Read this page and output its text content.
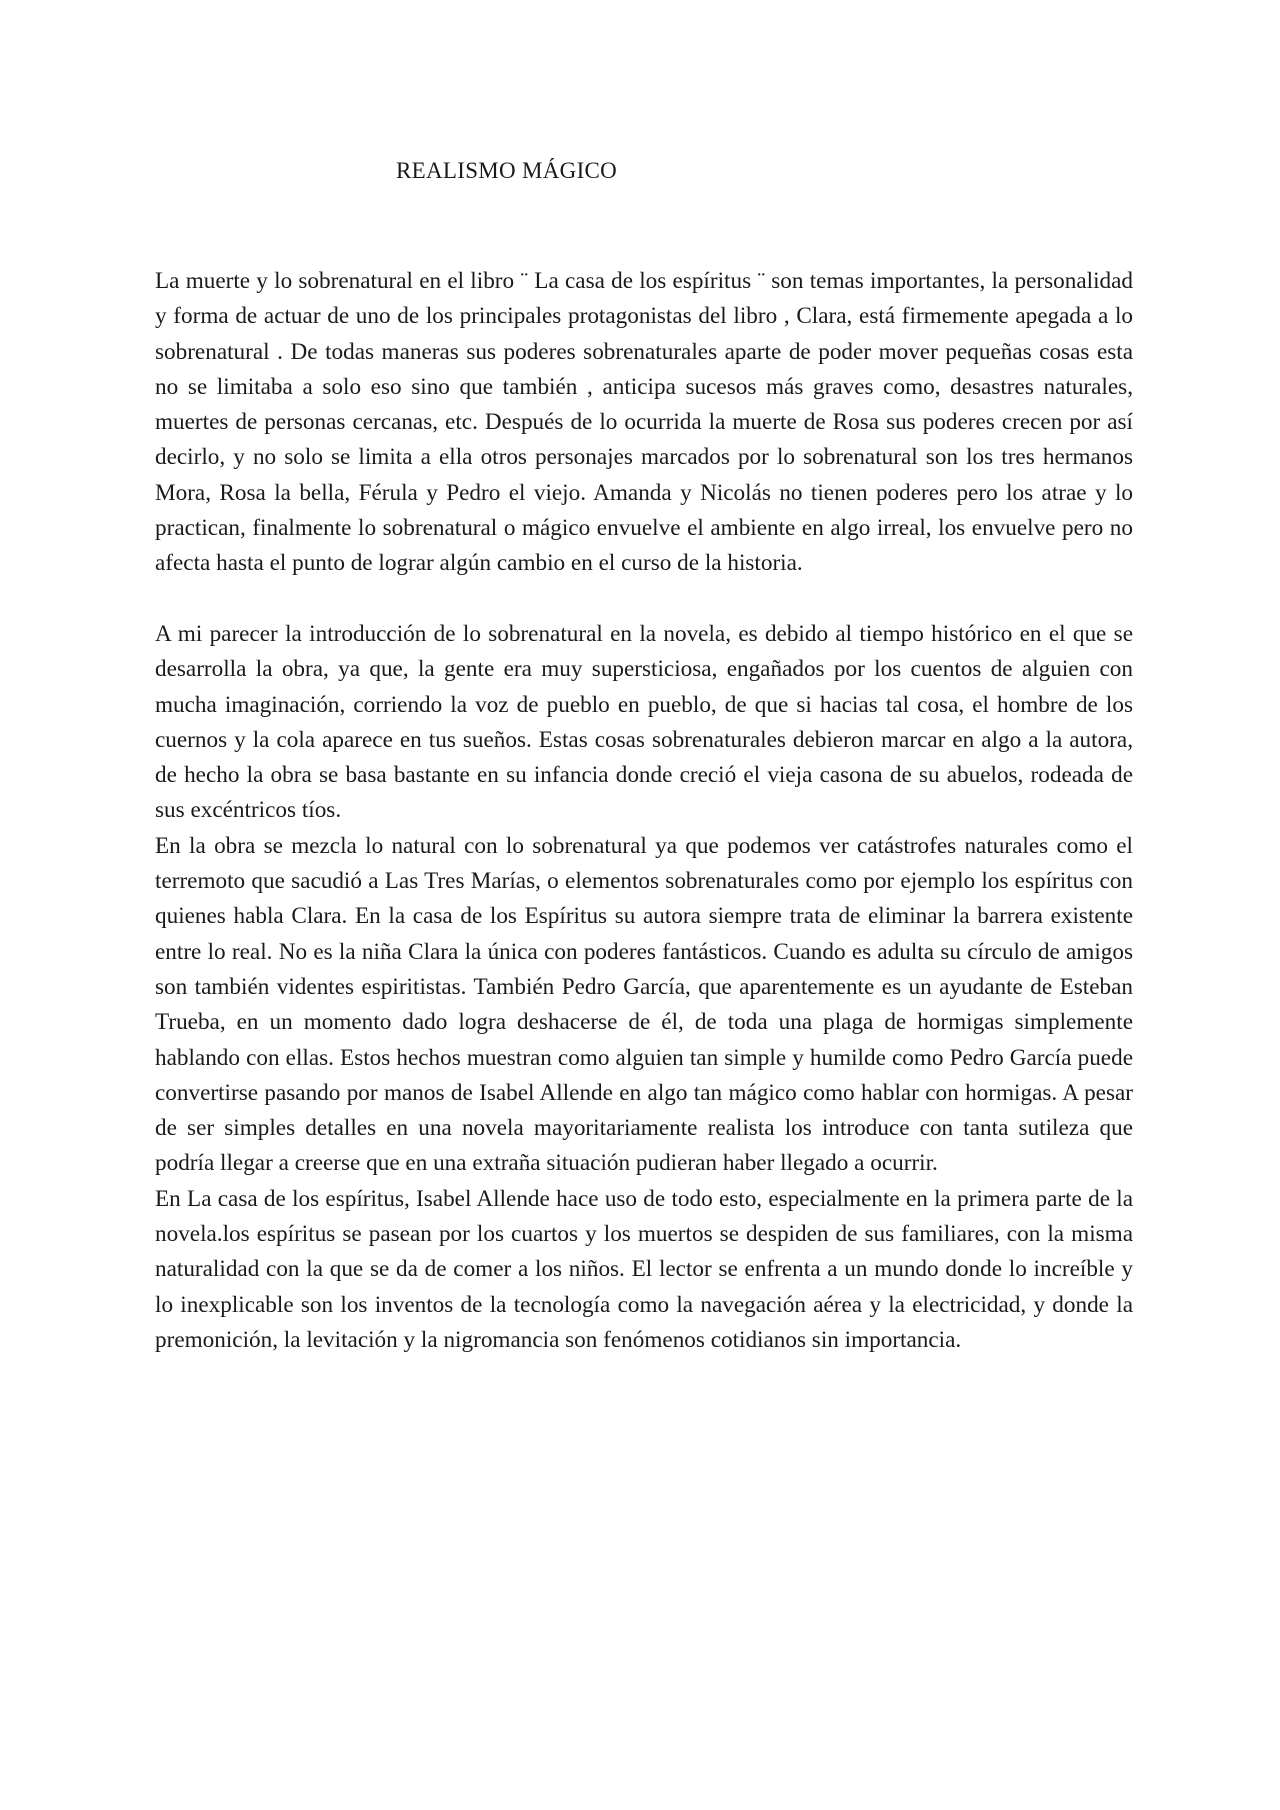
REALISMO MÁGICO

La muerte y lo sobrenatural en el libro ¨ La casa de los espíritus ¨ son temas importantes, la personalidad y forma de actuar de uno de los principales protagonistas del libro , Clara, está firmemente apegada a lo sobrenatural . De todas maneras sus poderes sobrenaturales aparte de poder mover pequeñas cosas esta no se limitaba a solo eso sino que también , anticipa sucesos más graves como, desastres naturales, muertes de personas cercanas, etc. Después de lo ocurrida la muerte de Rosa sus poderes crecen por así decirlo, y no solo se limita a ella otros personajes marcados por lo sobrenatural son los tres hermanos Mora, Rosa la bella, Férula y Pedro el viejo. Amanda y Nicolás no tienen poderes pero los atrae y lo practican, finalmente lo sobrenatural o mágico envuelve el ambiente en algo irreal, los envuelve pero no afecta hasta el punto de lograr algún cambio en el curso de la historia.

A mi parecer la introducción de lo sobrenatural en la novela, es debido al tiempo histórico en el que se desarrolla la obra, ya que, la gente era muy supersticiosa, engañados por los cuentos de alguien con mucha imaginación, corriendo la voz de pueblo en pueblo, de que si hacias tal cosa, el hombre de los cuernos y la cola aparece en tus sueños. Estas cosas sobrenaturales debieron marcar en algo a la autora, de hecho la obra se basa bastante en su infancia donde creció el vieja casona de su abuelos, rodeada de sus excéntricos tíos.

En la obra se mezcla lo natural con lo sobrenatural ya que podemos ver catástrofes naturales como el terremoto que sacudió a Las Tres Marías, o elementos sobrenaturales como por ejemplo los espíritus con quienes habla Clara. En la casa de los Espíritus su autora siempre trata de eliminar la barrera existente entre lo real. No es la niña Clara la única con poderes fantásticos. Cuando es adulta su círculo de amigos son también videntes espiritistas. También Pedro García, que aparentemente es un ayudante de Esteban Trueba, en un momento dado logra deshacerse de él, de toda una plaga de hormigas simplemente hablando con ellas. Estos hechos muestran como alguien tan simple y humilde como Pedro García puede convertirse pasando por manos de Isabel Allende en algo tan mágico como hablar con hormigas. A pesar de ser simples detalles en una novela mayoritariamente realista los introduce con tanta sutileza que podría llegar a creerse que en una extraña situación pudieran haber llegado a ocurrir.

En La casa de los espíritus, Isabel Allende hace uso de todo esto, especialmente en la primera parte de la novela.los espíritus se pasean por los cuartos y los muertos se despiden de sus familiares, con la misma naturalidad con la que se da de comer a los niños. El lector se enfrenta a un mundo donde lo increíble y lo inexplicable son los inventos de la tecnología como la navegación aérea y la electricidad, y donde la premonición, la levitación y la nigromancia son fenómenos cotidianos sin importancia.
